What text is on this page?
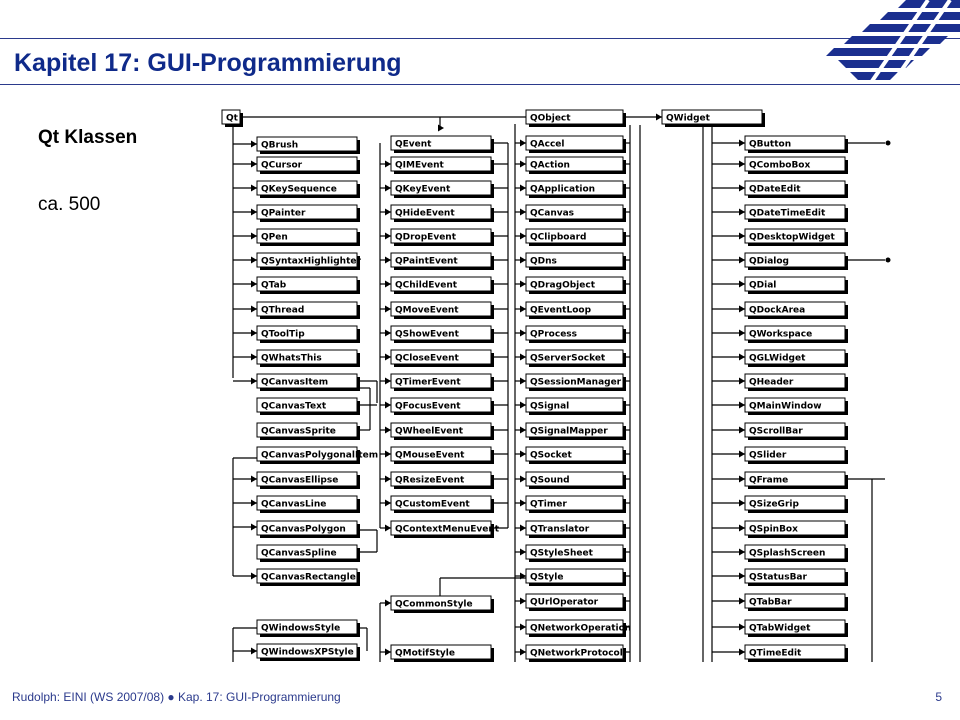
Kapitel 17: GUI-Programmierung
Qt Klassen
ca. 500
Qt
QBrush
QCursor
QKeySequence
QPainter
QPen
QSyntaxHighlighter
QTab
QThread
QToolTip
QWhatsThis
QCanvasItem
QCanvasText
QCanvasSprite
QCanvasPolygonalItem
QCanvasEllipse
QCanvasLine
QCanvasPolygon
QCanvasSpline
QCanvasRectangle
QWindowsStyle
QWindowsXPStyle
QEvent
QIMEvent
QKeyEvent
QHideEvent
QDropEvent
QPaintEvent
QChildEvent
QMoveEvent
QShowEvent
QCloseEvent
QTimerEvent
QFocusEvent
QWheelEvent
QMouseEvent
QResizeEvent
QCustomEvent
QContextMenuEvent
QCommonStyle
QMotifStyle
QObject
QAccel
QAction
QApplication
QCanvas
QClipboard
QDns
QDragObject
QEventLoop
QProcess
QServerSocket
QSessionManager
QSignal
QSignalMapper
QSocket
QSound
QTimer
QTranslator
QStyleSheet
QStyle
QUrlOperator
QNetworkOperation
QNetworkProtocol
QWidget
QButton
QComboBox
QDateEdit
QDateTimeEdit
QDesktopWidget
QDialog
QDial
QDockArea
QWorkspace
QGLWidget
QHeader
QMainWindow
QScrollBar
QSlider
QFrame
QSizeGrip
QSpinBox
QSplashScreen
QStatusBar
QTabBar
QTabWidget
QTimeEdit
Rudolph: EINI (WS 2007/08) ● Kap. 17: GUI-Programmierung	5
